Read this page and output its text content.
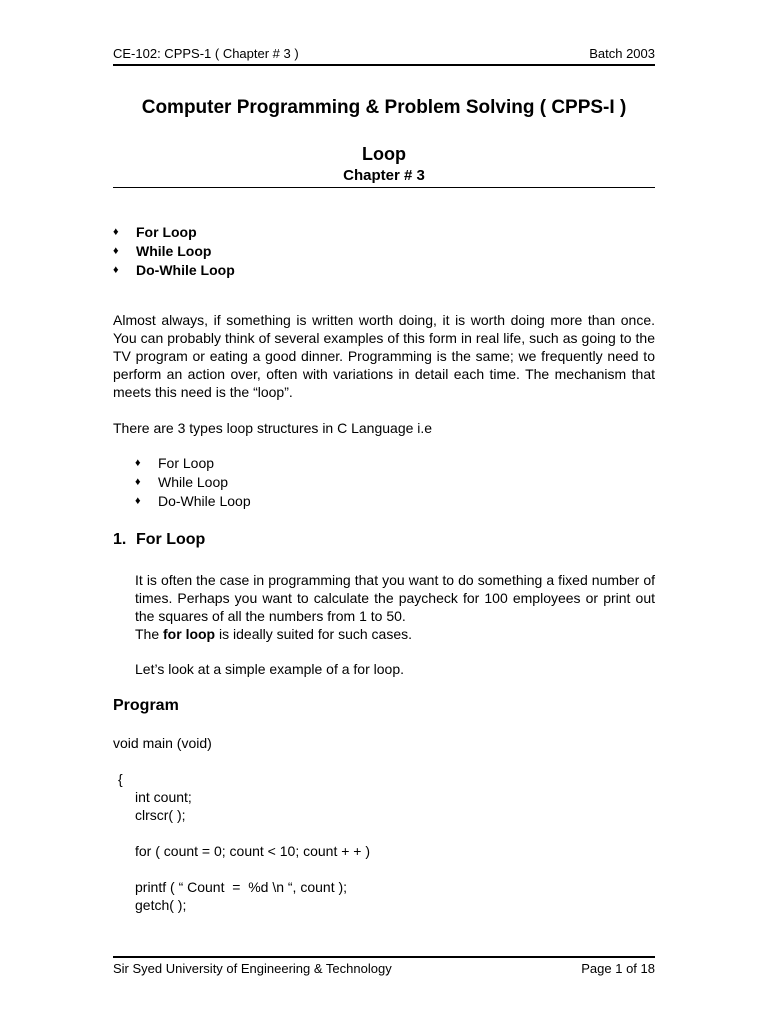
CE-102: CPPS-1 ( Chapter # 3 )	Batch 2003
Computer Programming & Problem Solving ( CPPS-I )
Loop
Chapter # 3
♦ For Loop
♦ While Loop
♦ Do-While Loop
Almost always, if something is written worth doing, it is worth doing more than once. You can probably think of several examples of this form in real life, such as going to the TV program or eating a good dinner. Programming is the same; we frequently need to perform an action over, often with variations in detail each time. The mechanism that meets this need is the “loop”.
There are 3 types loop structures in C Language i.e
♦ For Loop
♦ While Loop
♦ Do-While Loop
1. For Loop
It is often the case in programming that you want to do something a fixed number of times. Perhaps you want to calculate the paycheck for 100 employees or print out the squares of all the numbers from 1 to 50.
The for loop is ideally suited for such cases.
Let’s look at a simple example of a for loop.
Program
void main (void)
{
int count;
clrscr( );
for ( count = 0; count < 10; count + + )
printf ( “ Count  =  %d \n “, count );
getch( );
Sir Syed University of Engineering & Technology	Page 1 of 18
